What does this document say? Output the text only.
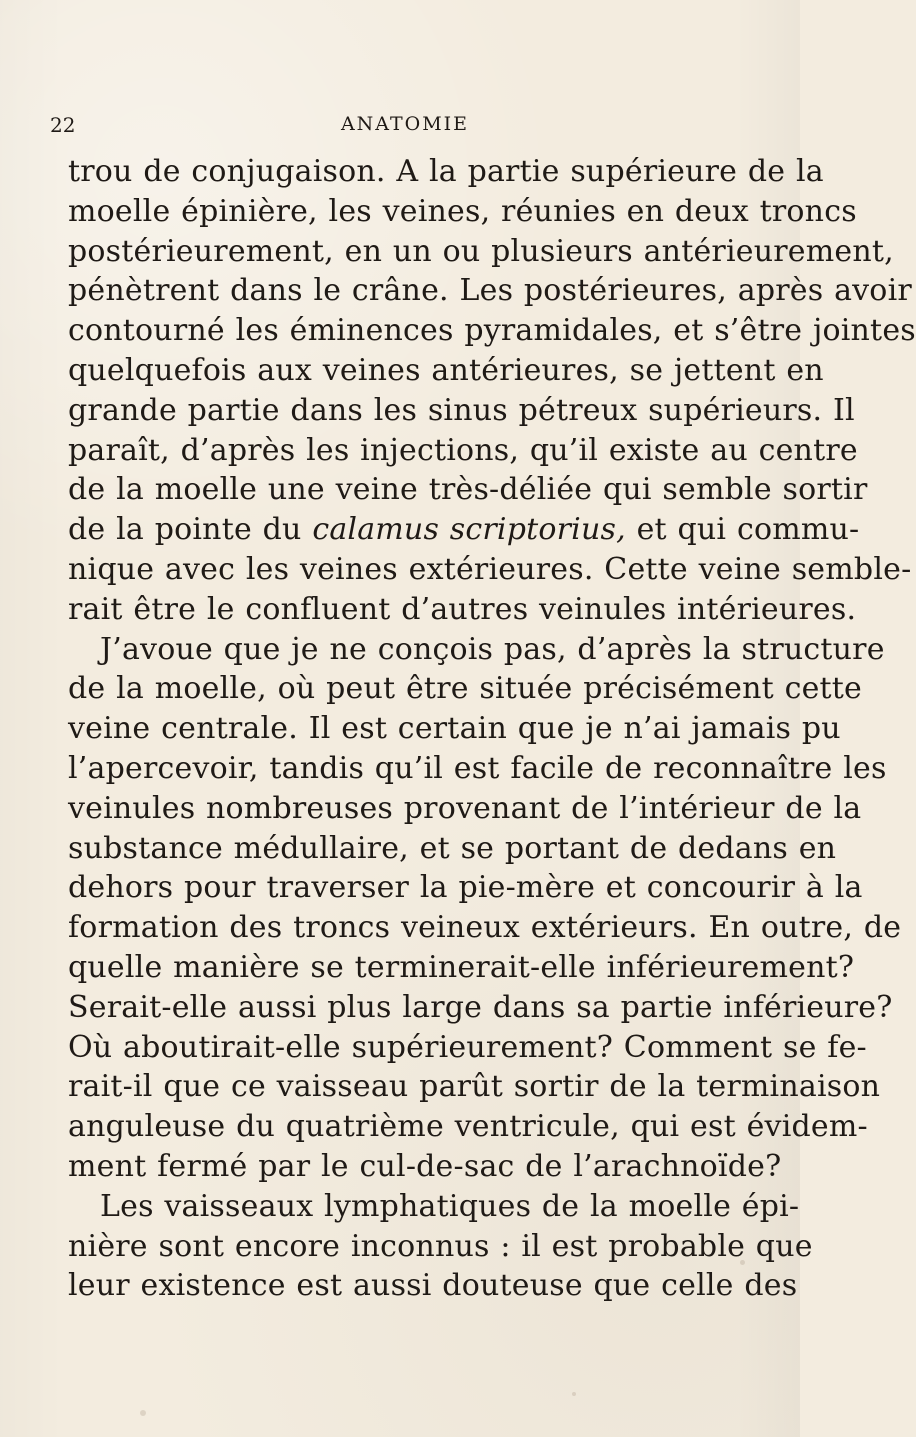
22	ANATOMIE
trou de conjugaison. A la partie supérieure de la
moelle épinière, les veines, réunies en deux troncs
postérieurement, en un ou plusieurs antérieurement,
pénètrent dans le crâne. Les postérieures, après avoir
contourné les éminences pyramidales, et s’être jointes
quelquefois aux veines antérieures, se jettent en
grande partie dans les sinus pétreux supérieurs. Il
paraît, d’après les injections, qu’il existe au centre
de la moelle une veine très-déliée qui semble sortir
de la pointe du calamus scriptorius, et qui commu-
nique avec les veines extérieures. Cette veine semble-
rait être le confluent d’autres veinules intérieures.
J’avoue que je ne conçois pas, d’après la structure
de la moelle, où peut être située précisément cette
veine centrale. Il est certain que je n’ai jamais pu
l’apercevoir, tandis qu’il est facile de reconnaître les
veinules nombreuses provenant de l’intérieur de la
substance médullaire, et se portant de dedans en
dehors pour traverser la pie-mère et concourir à la
formation des troncs veineux extérieurs. En outre, de
quelle manière se terminerait-elle inférieurement?
Serait-elle aussi plus large dans sa partie inférieure?
Où aboutirait-elle supérieurement? Comment se fe-
rait-il que ce vaisseau parût sortir de la terminaison
anguleuse du quatrième ventricule, qui est évidem-
ment fermé par le cul-de-sac de l’arachnoïde?
Les vaisseaux lymphatiques de la moelle épi-
nière sont encore inconnus : il est probable que
leur existence est aussi douteuse que celle des
